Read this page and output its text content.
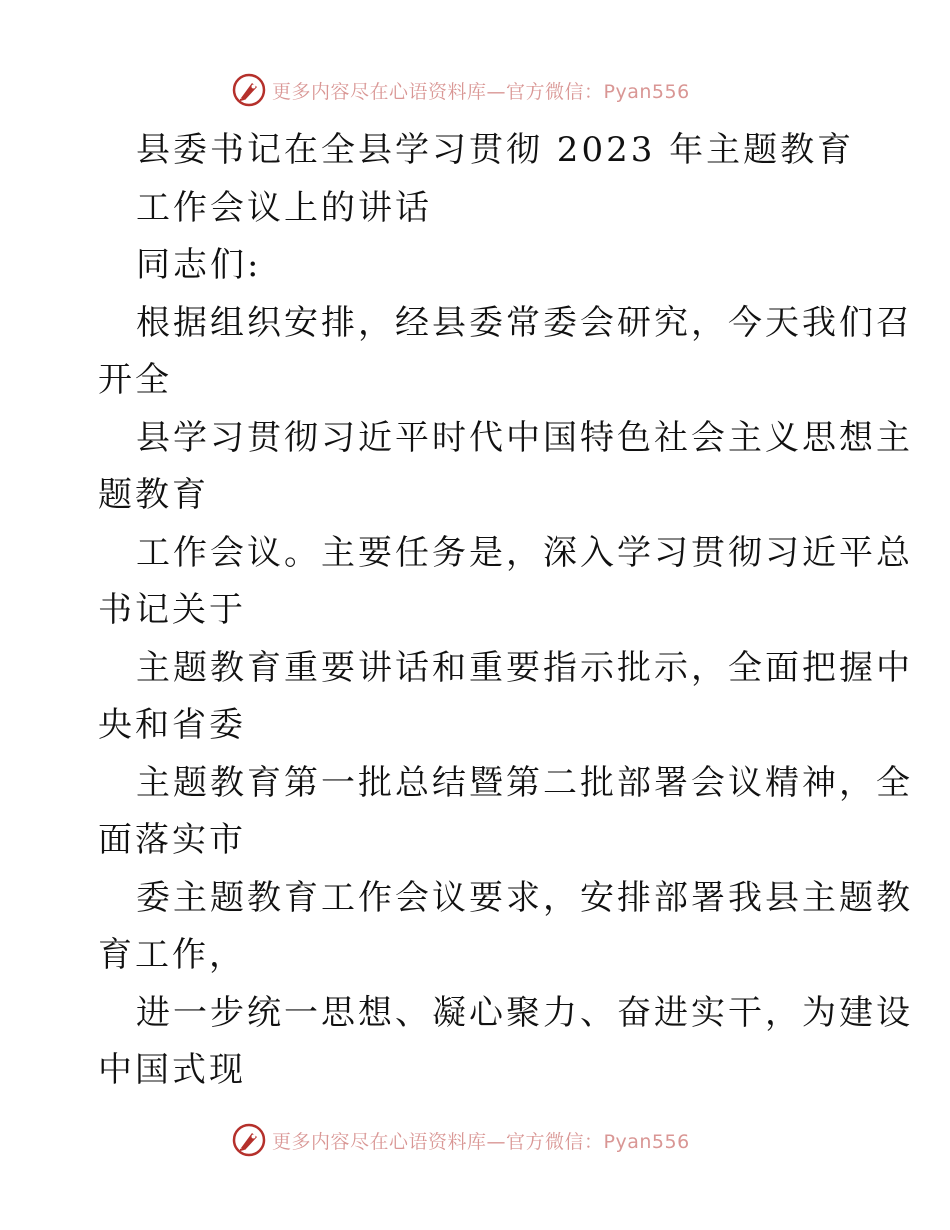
更多内容尽在心语资料库—官方微信：Pyan556
县委书记在全县学习贯彻 2023 年主题教育
工作会议上的讲话
同志们:
根据组织安排，经县委常委会研究，今天我们召
开全
县学习贯彻习近平时代中国特色社会主义思想主
题教育
工作会议。主要任务是，深入学习贯彻习近平总
书记关于
主题教育重要讲话和重要指示批示，全面把握中
央和省委
主题教育第一批总结暨第二批部署会议精神，全
面落实市
委主题教育工作会议要求，安排部署我县主题教
育工作，
进一步统一思想、凝心聚力、奋进实干，为建设
中国式现
更多内容尽在心语资料库—官方微信：Pyan556
